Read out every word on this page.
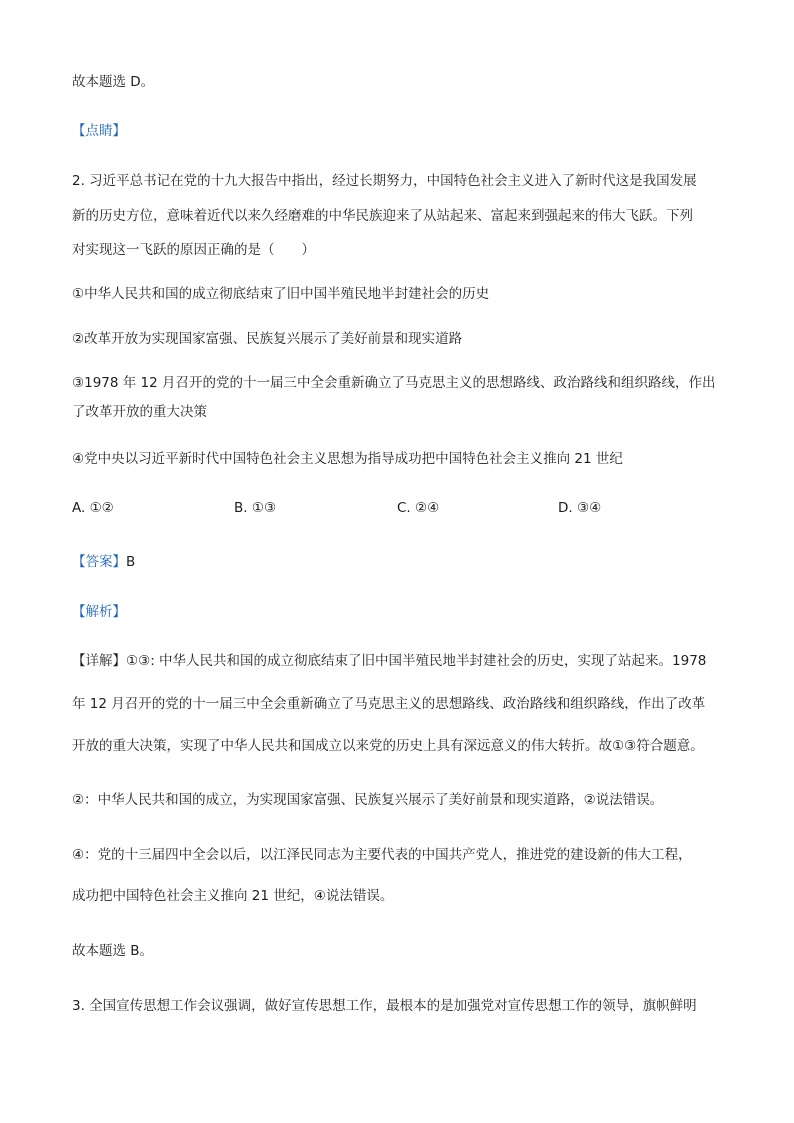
故本题选 D。
【点睛】
2. 习近平总书记在党的十九大报告中指出，经过长期努力，中国特色社会主义进入了新时代这是我国发展
新的历史方位，意味着近代以来久经磨难的中华民族迎来了从站起来、富起来到强起来的伟大飞跃。下列
对实现这一飞跃的原因正确的是（　　）
①中华人民共和国的成立彻底结束了旧中国半殖民地半封建社会的历史
②改革开放为实现国家富强、民族复兴展示了美好前景和现实道路
③1978 年 12 月召开的党的十一届三中全会重新确立了马克思主义的思想路线、政治路线和组织路线，作出
了改革开放的重大决策
④党中央以习近平新时代中国特色社会主义思想为指导成功把中国特色社会主义推向 21 世纪
A. ①②	B. ①③	C. ②④	D. ③④
【答案】B
【解析】
【详解】①③: 中华人民共和国的成立彻底结束了旧中国半殖民地半封建社会的历史，实现了站起来。1978
年 12 月召开的党的十一届三中全会重新确立了马克思主义的思想路线、政治路线和组织路线，作出了改革
开放的重大决策，实现了中华人民共和国成立以来党的历史上具有深远意义的伟大转折。故①③符合题意。
②：中华人民共和国的成立，为实现国家富强、民族复兴展示了美好前景和现实道路，②说法错误。
④：党的十三届四中全会以后，以江泽民同志为主要代表的中国共产党人，推进党的建设新的伟大工程，
成功把中国特色社会主义推向 21 世纪，④说法错误。
故本题选 B。
3. 全国宣传思想工作会议强调，做好宣传思想工作，最根本的是加强党对宣传思想工作的领导，旗帜鲜明
